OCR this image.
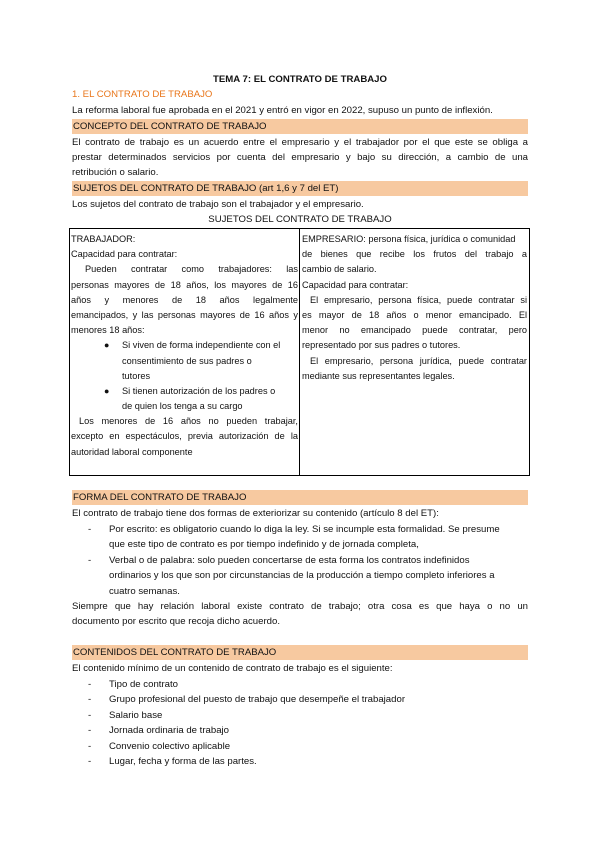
TEMA 7: EL CONTRATO DE TRABAJO
1. EL CONTRATO DE TRABAJO
La reforma laboral fue aprobada en el 2021 y entró en vigor en 2022, supuso un punto de inflexión.
CONCEPTO DEL CONTRATO DE TRABAJO
El contrato de trabajo es un acuerdo entre el empresario y el trabajador por el que este se obliga a
prestar determinados servicios por cuenta del empresario y bajo su dirección, a cambio de una
retribución o salario.
SUJETOS DEL CONTRATO DE TRABAJO (art 1,6 y 7 del ET)
Los sujetos del contrato de trabajo son el trabajador y el empresario.
SUJETOS DEL CONTRATO DE TRABAJO
TRABAJADOR:
Capacidad para contratar:
Pueden contratar como trabajadores: las
personas mayores de 18 años, los mayores de 16
años y menores de 18 años legalmente
emancipados, y las personas mayores de 16 años y
menores 18 años:
●	Si viven de forma independiente con el
consentimiento de sus padres o
tutores
●	Si tienen autorización de los padres o
de quien los tenga a su cargo
Los menores de 16 años no pueden trabajar,
excepto en espectáculos, previa autorización de la
autoridad laboral componente
EMPRESARIO: persona física, jurídica o comunidad
de bienes que recibe los frutos del trabajo a
cambio de salario.
Capacidad para contratar:
El empresario, persona física, puede contratar si
es mayor de 18 años o menor emancipado. El
menor no emancipado puede contratar, pero
representado por sus padres o tutores.
El empresario, persona jurídica, puede contratar
mediante sus representantes legales.
FORMA DEL CONTRATO DE TRABAJO
El contrato de trabajo tiene dos formas de exteriorizar su contenido (artículo 8 del ET):
- Por escrito: es obligatorio cuando lo diga la ley. Si se incumple esta formalidad. Se presume
que este tipo de contrato es por tiempo indefinido y de jornada completa,
- Verbal o de palabra: solo pueden concertarse de esta forma los contratos indefinidos
ordinarios y los que son por circunstancias de la producción a tiempo completo inferiores a
cuatro semanas.
Siempre que hay relación laboral existe contrato de trabajo; otra cosa es que haya o no un
documento por escrito que recoja dicho acuerdo.
CONTENIDOS DEL CONTRATO DE TRABAJO
El contenido mínimo de un contenido de contrato de trabajo es el siguiente:
- Tipo de contrato
- Grupo profesional del puesto de trabajo que desempeñe el trabajador
- Salario base
- Jornada ordinaria de trabajo
- Convenio colectivo aplicable
- Lugar, fecha y forma de las partes.
